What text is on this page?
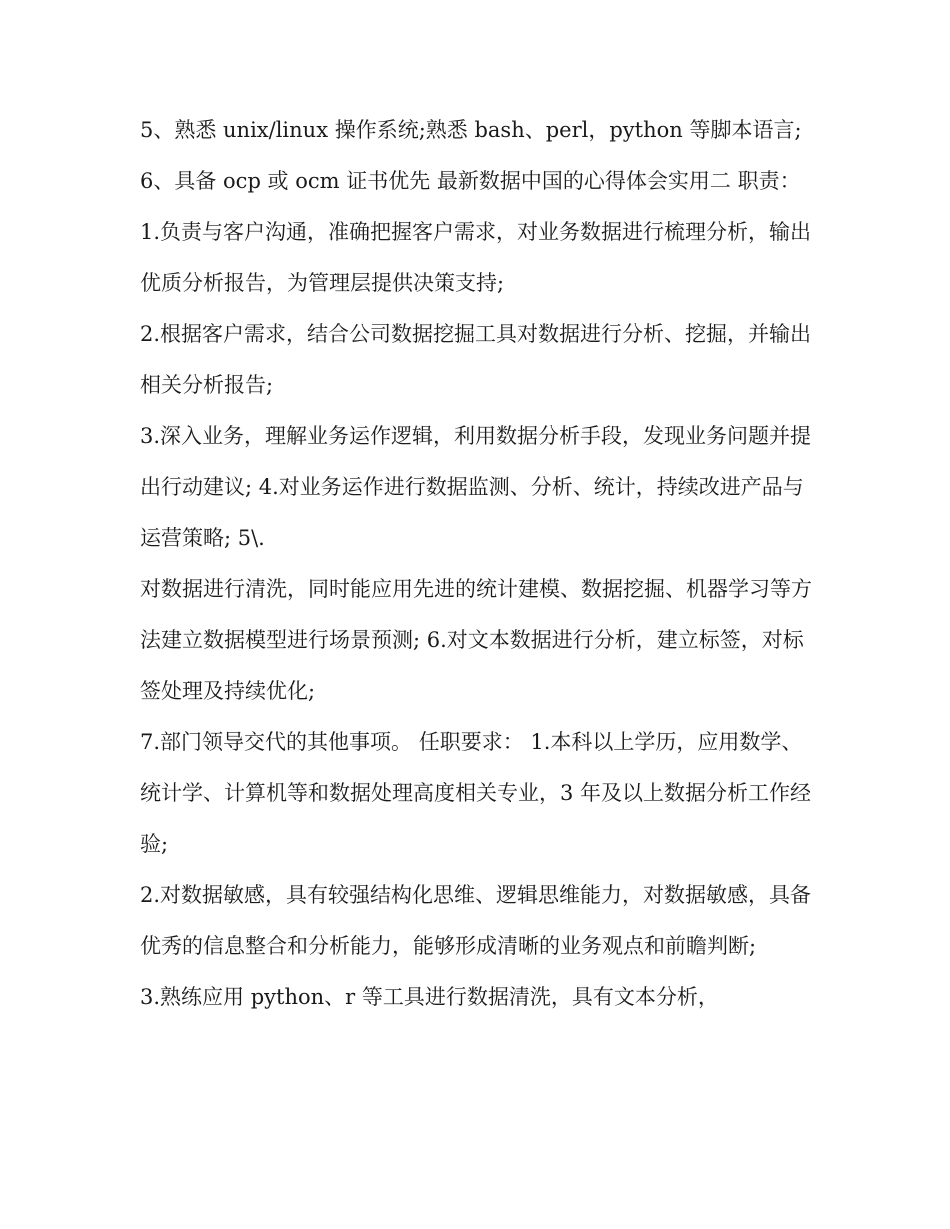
5、熟悉 unix/linux 操作系统;熟悉 bash、perl，python 等脚本语言; 6、具备 ocp 或 ocm 证书优先 最新数据中国的心得体会实用二 职责：

1.负责与客户沟通，准确把握客户需求，对业务数据进行梳理分析，输出优质分析报告，为管理层提供决策支持;

2.根据客户需求，结合公司数据挖掘工具对数据进行分析、挖掘，并输出相关分析报告;

3.深入业务，理解业务运作逻辑，利用数据分析手段，发现业务问题并提出行动建议; 4.对业务运作进行数据监测、分析、统计，持续改进产品与运营策略; 5\.

对数据进行清洗，同时能应用先进的统计建模、数据挖掘、机器学习等方法建立数据模型进行场景预测; 6.对文本数据进行分析，建立标签，对标签处理及持续优化;

7.部门领导交代的其他事项。 任职要求： 1.本科以上学历，应用数学、统计学、计算机等和数据处理高度相关专业，3 年及以上数据分析工作经验;

2.对数据敏感，具有较强结构化思维、逻辑思维能力，对数据敏感，具备优秀的信息整合和分析能力，能够形成清晰的业务观点和前瞻判断;

3.熟练应用 python、r 等工具进行数据清洗，具有文本分析，
